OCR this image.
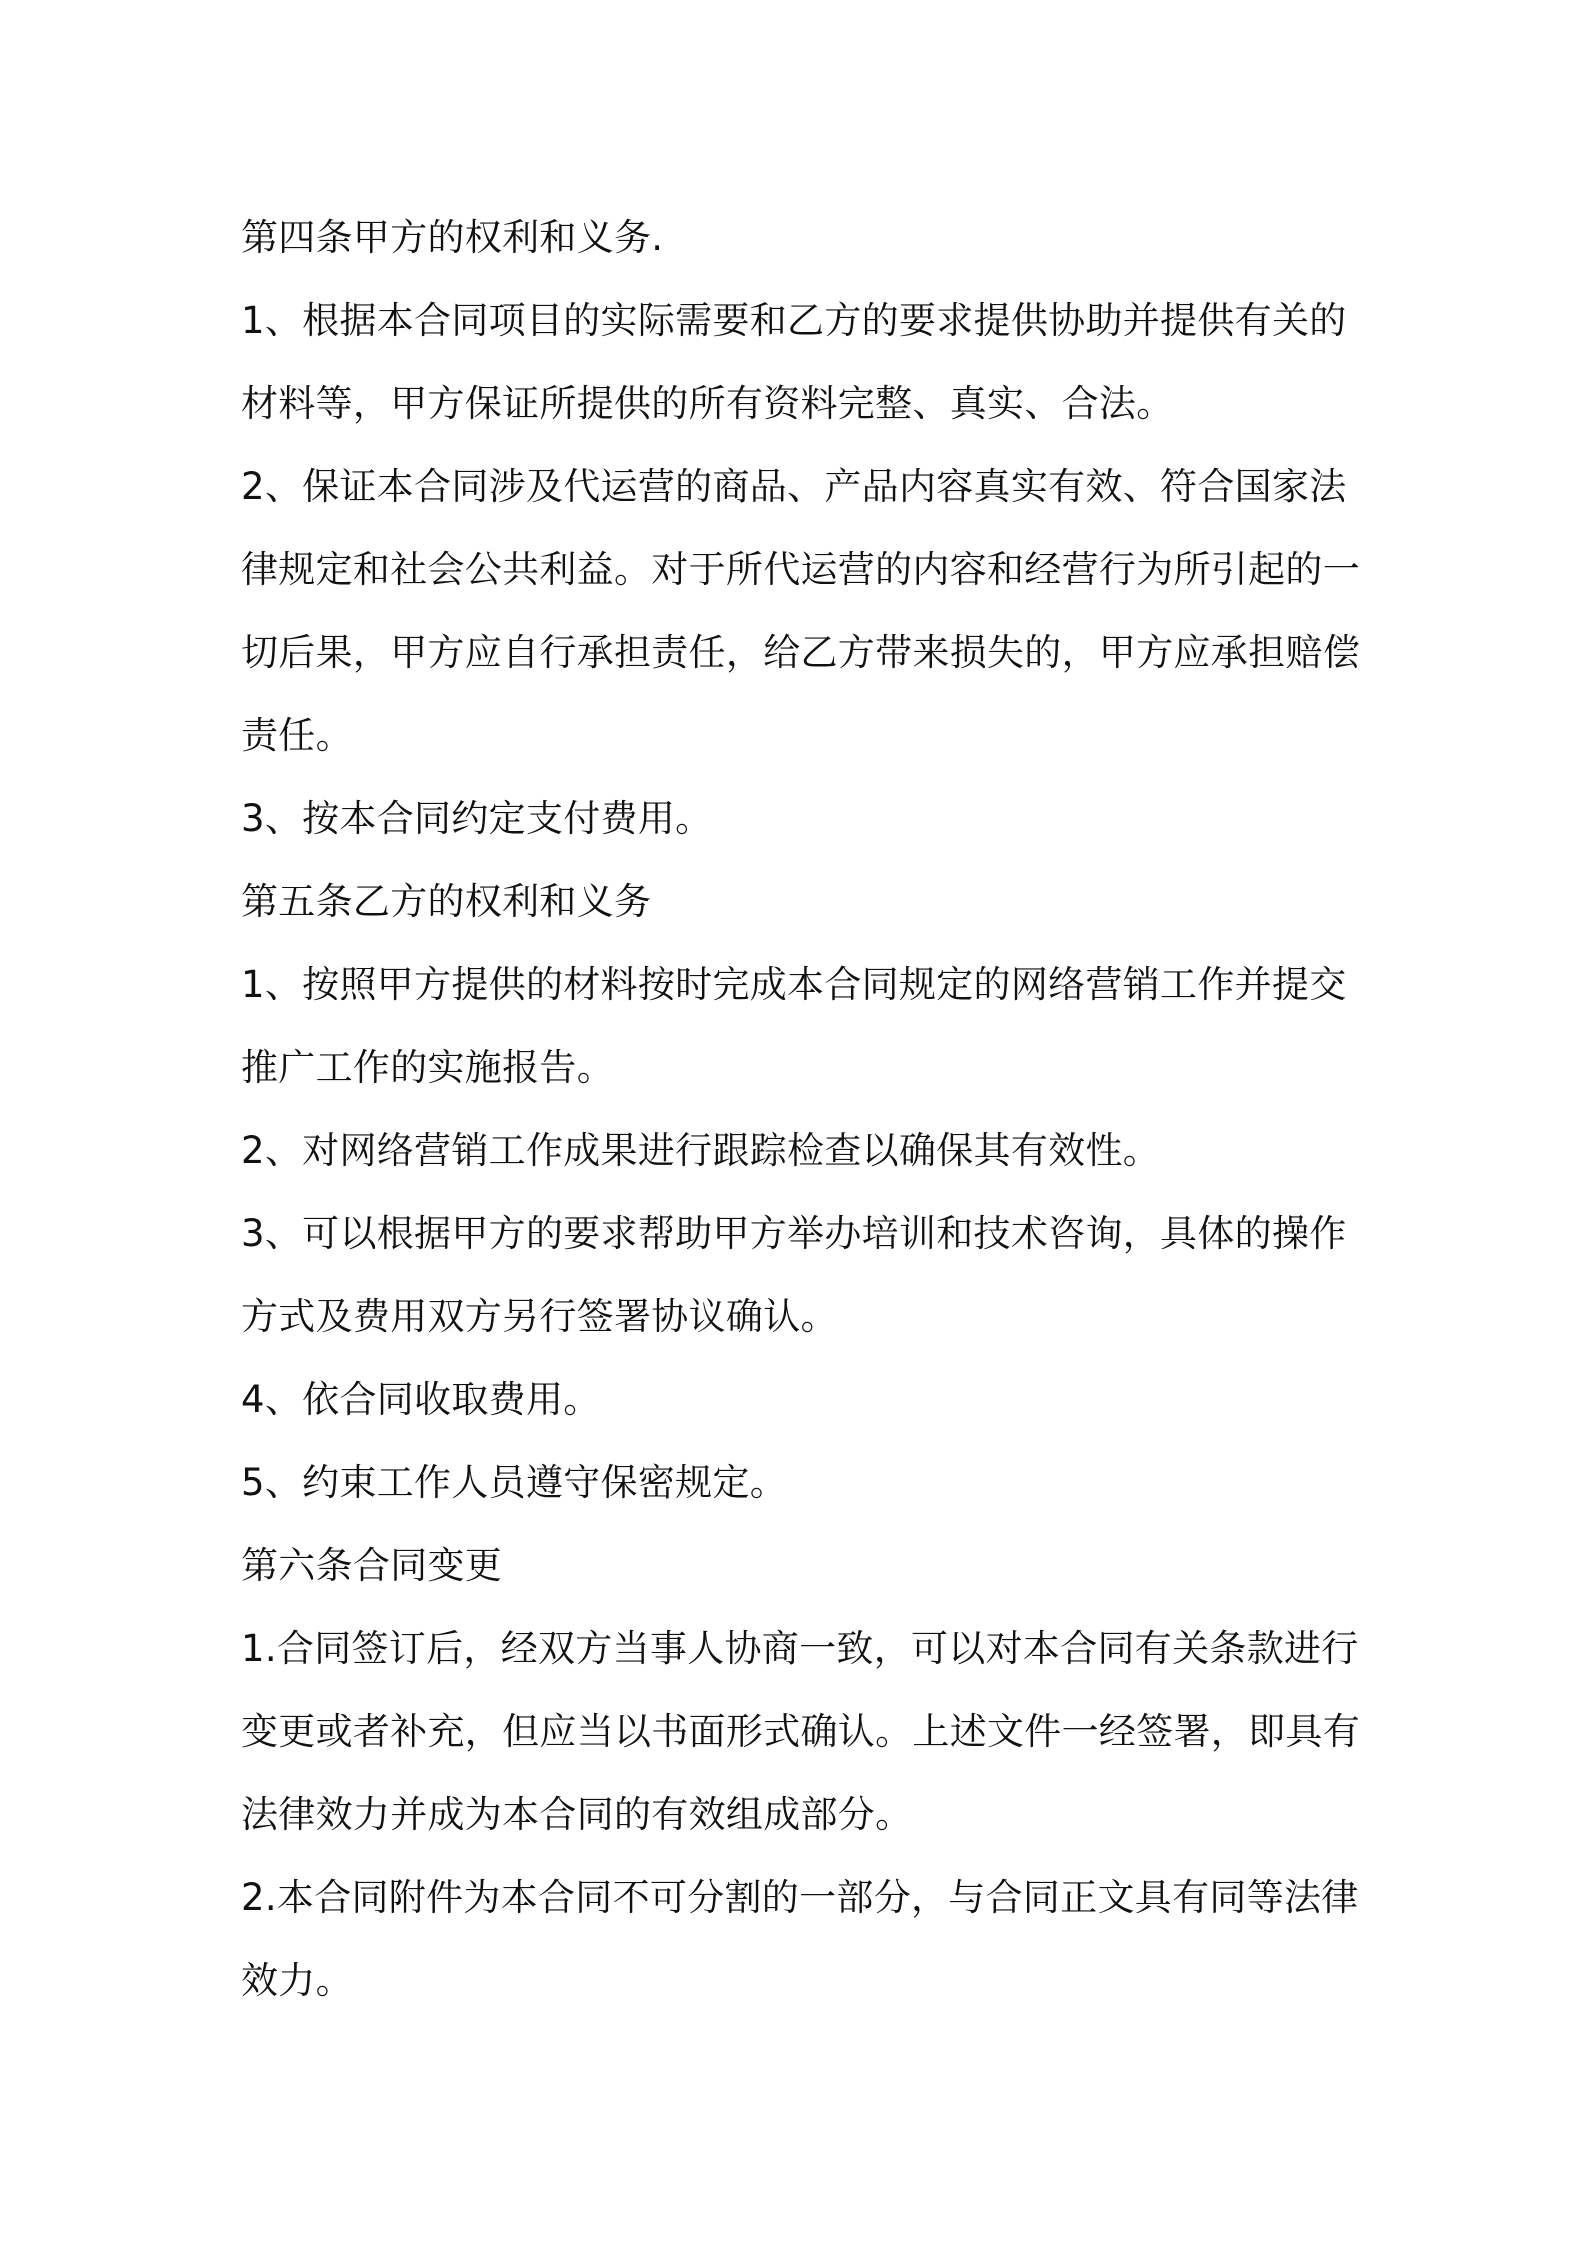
第四条甲方的权利和义务.

1、根据本合同项目的实际需要和乙方的要求提供协助并提供有关的

材料等，甲方保证所提供的所有资料完整、真实、合法。

2、保证本合同涉及代运营的商品、产品内容真实有效、符合国家法

律规定和社会公共利益。对于所代运营的内容和经营行为所引起的一

切后果，甲方应自行承担责任，给乙方带来损失的，甲方应承担赔偿

责任。

3、按本合同约定支付费用。

第五条乙方的权利和义务

1、按照甲方提供的材料按时完成本合同规定的网络营销工作并提交

推广工作的实施报告。

2、对网络营销工作成果进行跟踪检查以确保其有效性。

3、可以根据甲方的要求帮助甲方举办培训和技术咨询，具体的操作

方式及费用双方另行签署协议确认。

4、依合同收取费用。

5、约束工作人员遵守保密规定。

第六条合同变更

1.合同签订后，经双方当事人协商一致，可以对本合同有关条款进行

变更或者补充，但应当以书面形式确认。上述文件一经签署，即具有

法律效力并成为本合同的有效组成部分。

2.本合同附件为本合同不可分割的一部分，与合同正文具有同等法律

效力。
